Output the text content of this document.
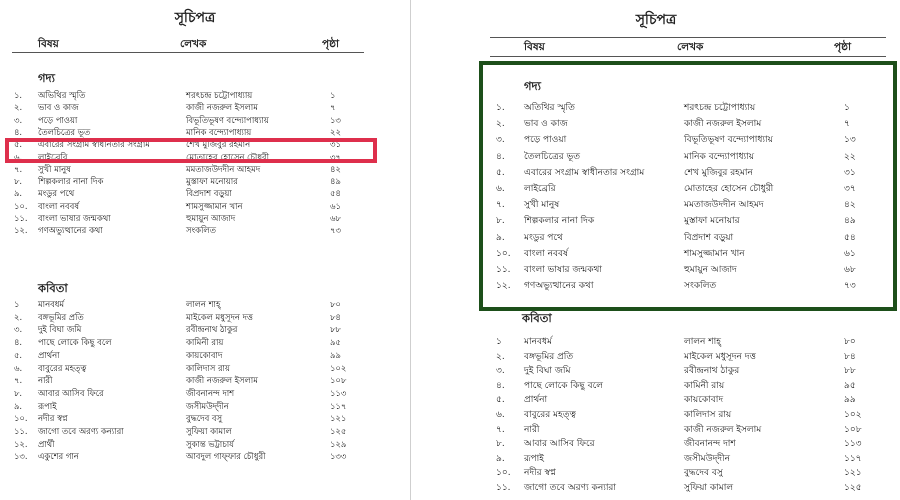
সূচিপত্র
বিষয়	লেখক	পৃষ্ঠা
গদ্য
১. অভিথির স্মৃতি	শরৎচন্দ্র চট্টোপাধ্যায়	১
২. ভাব ও কাজ	কাজী নজরুল ইসলাম	৭
৩. পড়ে পাওয়া	বিভূতিভূষণ বন্দ্যোপাধ্যায়	১৩
৪. তৈলচিত্রের ভূত	মানিক বন্দ্যোপাধ্যায়	২২
৫. এবারের সংগ্রাম স্বাধীনতার সংগ্রাম	শেখ মুজিবুর রহমান	৩১
৬. লাইব্রেরি	মোতাহের হোসেন চৌধুরী	৩৭
৭. সুখী মানুষ	মমতাজউদদীন আহমদ	৪২
৮. শিল্পকলার নানা দিক	মুস্তাফা মনোয়ার	৪৯
৯. মংডুর পথে	বিপ্রদাশ বড়ুয়া	৫৪
১০. বাংলা নববর্ষ	শামসুজ্জামান খান	৬১
১১. বাংলা ভাষার জন্মকথা	হুমায়ুন আজাদ	৬৮
১২. গণঅভ্যুত্থানের কথা	সংকলিত	৭৩
কবিতা
১ মানবধর্ম	লালন শাহ্	৮০
২. বঙ্গভূমির প্রতি	মাইকেল মধুসূদন দত্ত	৮৪
৩. দুই বিঘা জমি	রবীন্দ্রনাথ ঠাকুর	৮৮
৪. পাছে লোকে কিছু বলে	কামিনী রায়	৯৫
৫. প্রার্থনা	কায়কোবাদ	৯৯
৬. বাবুরের মহত্ত্ব	কালিদাস রায়	১০২
৭. নারী	কাজী নজরুল ইসলাম	১০৮
৮. আবার আসিব ফিরে	জীবনানন্দ দাশ	১১৩
৯. রূপাই	জসীমউদ্‌দীন	১১৭
১০. নদীর স্বপ্ন	বুদ্ধদেব বসু	১২১
১১. জাগো তবে অরণ্য কন্যারা	সুফিয়া কামাল	১২৫
১২. প্রার্থী	সুকান্ত ভট্টাচার্য	১২৯
১৩. একুশের গান	আবদুল গাফ্‌ফার চৌধুরী	১৩৩
সূচিপত্র
বিষয়	লেখক	পৃষ্ঠা
গদ্য
১. অতিথির স্মৃতি	শরৎচন্দ্র চট্টোপাধ্যায়	১
২. ভাব ও কাজ	কাজী নজরুল ইসলাম	৭
৩. পড়ে পাওয়া	বিভূতিভূষণ বন্দ্যোপাধ্যায়	১৩
৪. তৈলচিত্রের ভূত	মানিক বন্দ্যোপাধ্যায়	২২
৫. এবারের সংগ্রাম স্বাধীনতার সংগ্রাম	শেখ মুজিবুর রহমান	৩১
৬. লাইব্রেরি	মোতাহের হোসেন চৌধুরী	৩৭
৭. সুখী মানুষ	মমতাজউদদীন আহমদ	৪২
৮. শিল্পকলার নানা দিক	মুস্তাফা মনোয়ার	৪৯
৯. মংডুর পথে	বিপ্রদাশ বড়ুয়া	৫৪
১০. বাংলা নববর্ষ	শামসুজ্জামান খান	৬১
১১. বাংলা ভাষার জন্মকথা	হুমায়ুন আজাদ	৬৮
১২. গণঅভ্যুত্থানের কথা	সংকলিত	৭৩
কবিতা
১ মানবধর্ম	লালন শাহ্	৮০
২. বঙ্গভূমির প্রতি	মাইকেল মধুসূদন দত্ত	৮৪
৩. দুই বিঘা জমি	রবীন্দ্রনাথ ঠাকুর	৮৮
৪. পাছে লোকে কিছু বলে	কামিনী রায়	৯৫
৫. প্রার্থনা	কায়কোবাদ	৯৯
৬. বাবুরের মহত্ত্ব	কালিদাস রায়	১০২
৭. নারী	কাজী নজরুল ইসলাম	১০৮
৮. আবার আসিব ফিরে	জীবনানন্দ দাশ	১১৩
৯. রূপাই	জসীমউদ্‌দীন	১১৭
১০. নদীর স্বপ্ন	বুদ্ধদেব বসু	১২১
১১. জাগো তবে অরণ্য কন্যারা	সুফিয়া কামাল	১২৫
